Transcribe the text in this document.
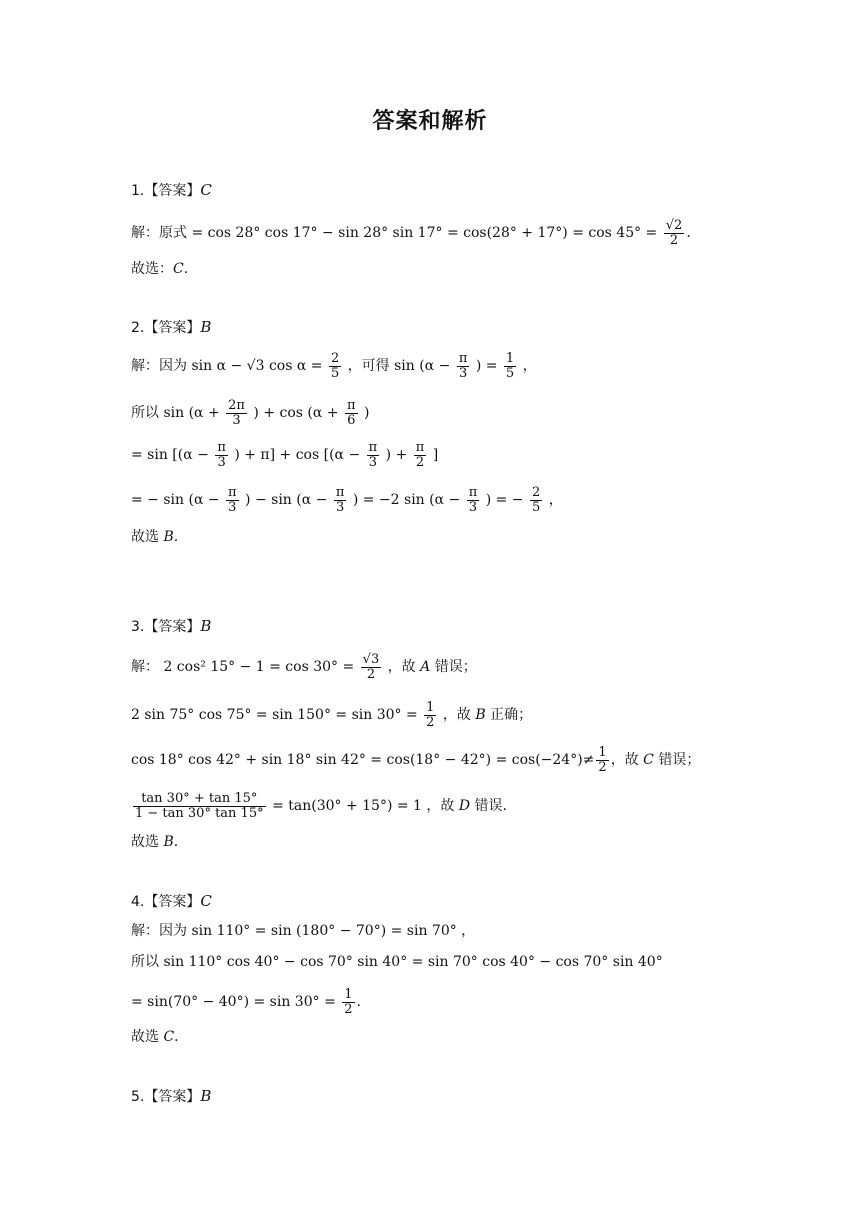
答案和解析
1.【答案】C
解：原式 = cos 28° cos 17° − sin 28° $\sin 17^\circ = \cos(28^\circ + 17^\circ) = \cos 45^\circ = \frac{√2}{2}$ .
故选：C.
2.【答案】B
解：因为 sin α − √3 $\cos \alpha = \frac{2}{5}$ ，可得 $\sin (\alpha - \frac{\pi}{3}$ ) = $\frac{1}{5}$ ，
所以 $\sin (\alpha + \frac{2\pi}{3}$ ) + $\cos (\alpha + \frac{\pi}{6}$ )
= $\sin [(\alpha - \frac{\pi}{3}$ ) + $\pi] + \cos [(\alpha - \frac{\pi}{3}$ ) + $\frac{\pi}{2}$ ]
= − $\sin (\alpha - \frac{\pi}{3}$ ) − $\sin (\alpha - \frac{\pi}{3}$ ) = −2 $\sin (\alpha - \frac{\pi}{3}$ ) = − $\frac{2}{5}$ ，
故选 B.
3.【答案】B
解： 2 cos² $15^\circ - 1 = \cos 30^\circ = \frac{√3}{2}$ ，故 A 错误；
2 sin 75° $\cos 75^\circ = \sin 150^\circ = \sin 30^\circ = \frac{1}{2}$ ，故 B 正确；
cos 18° cos 42° + sin 18° $\sin 42^\circ = \cos(18^\circ - 42^\circ) = \cos(-24^\circ)\ne \frac{1}{2}$ ，故 C 错误；
$\frac{\tan 30^\circ + \tan 15^\circ}{1 - \tan 30^\circ \tan 15^\circ} = \tan(30^\circ + 15^\circ) = 1$ ，故 D 错误.
故选 B.
4.【答案】C
解：因为 sin 110° = sin (180° − 70°) = sin 70° ，
所以 sin 110° cos 40° − cos 70° sin 40° = sin 70° cos 40° − cos 70° sin 40°
= $\sin(70^\circ - 40^\circ) = \sin 30^\circ = \frac{1}{2}$ .
故选 C.
5.【答案】B
